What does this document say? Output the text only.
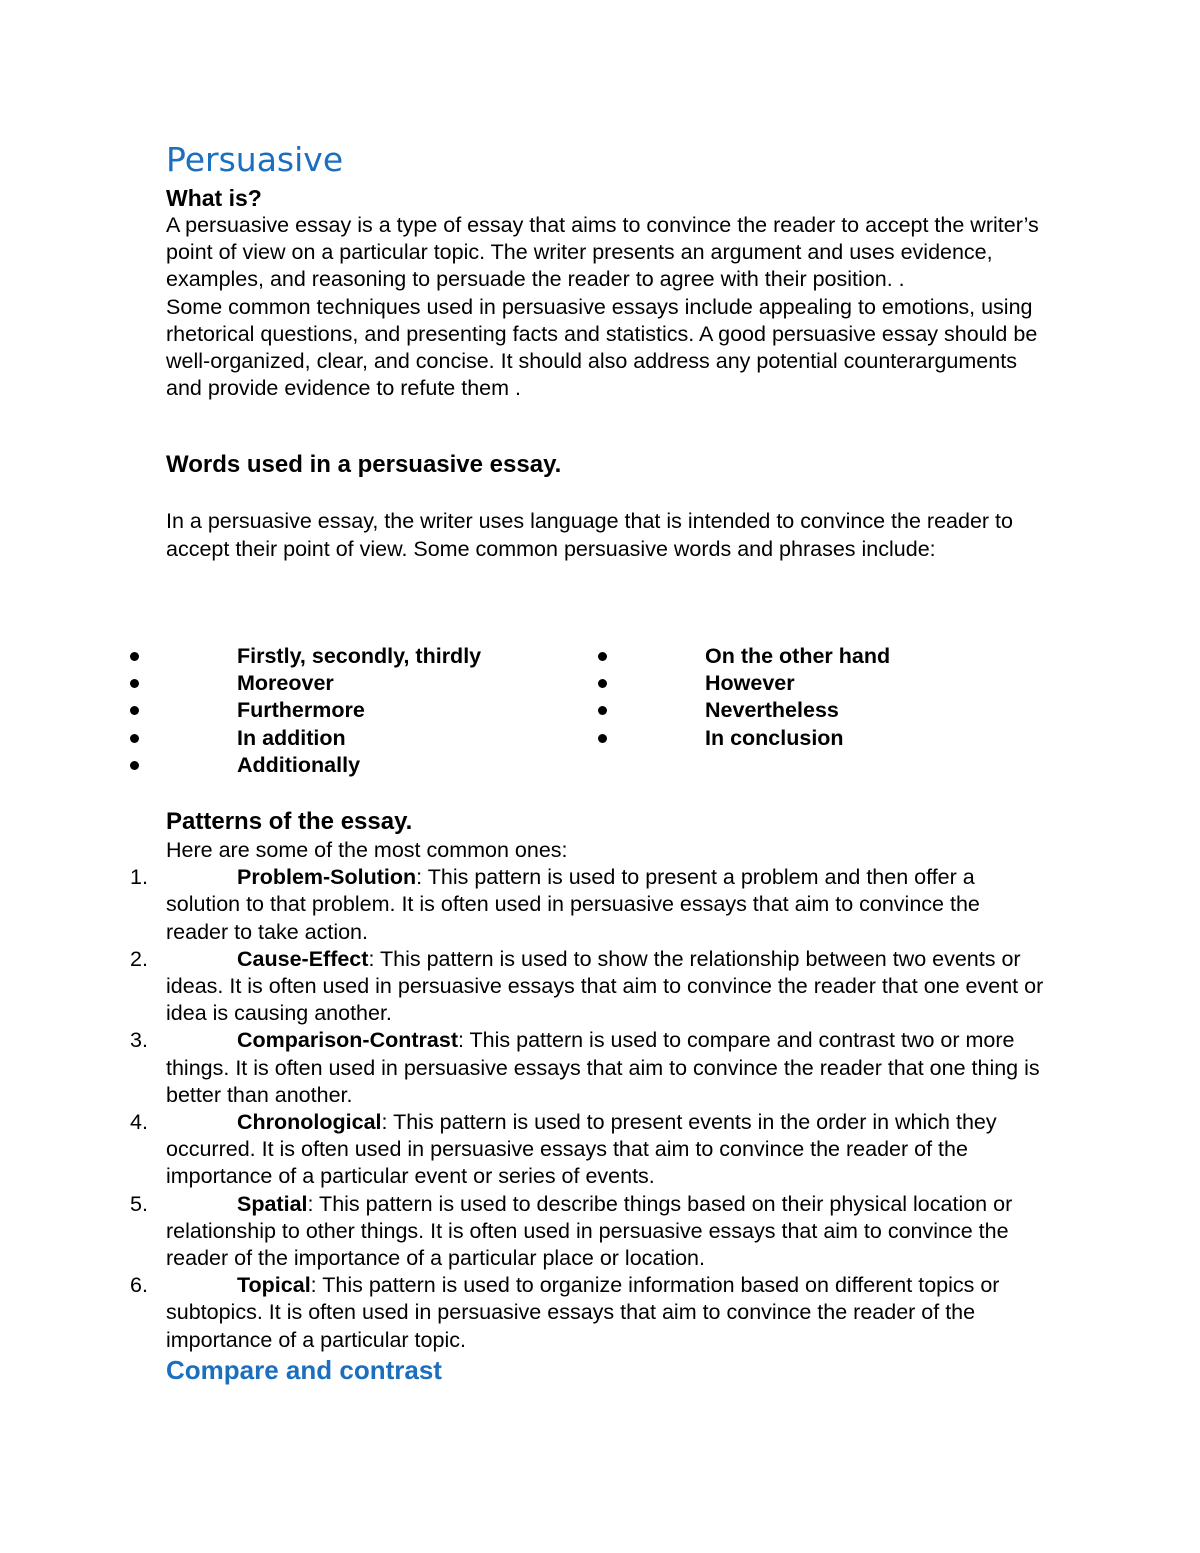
Persuasive
What is?

A persuasive essay is a type of essay that aims to convince the reader to accept the writer’s point of view on a particular topic. The writer presents an argument and uses evidence, examples, and reasoning to persuade the reader to agree with their position. .

Some common techniques used in persuasive essays include appealing to emotions, using rhetorical questions, and presenting facts and statistics. A good persuasive essay should be well-organized, clear, and concise. It should also address any potential counterarguments and provide evidence to refute them .

Words used in a persuasive essay.

In a persuasive essay, the writer uses language that is intended to convince the reader to accept their point of view. Some common persuasive words and phrases include:

Firstly, secondly, thirdly
Moreover
Furthermore
In addition
Additionally
On the other hand
However
Nevertheless
In conclusion
Patterns of the essay.

Here are some of the most common ones:

1.	Problem-Solution: This pattern is used to present a problem and then offer a solution to that problem. It is often used in persuasive essays that aim to convince the reader to take action.
2.	Cause-Effect: This pattern is used to show the relationship between two events or ideas. It is often used in persuasive essays that aim to convince the reader that one event or idea is causing another.
3.	Comparison-Contrast: This pattern is used to compare and contrast two or more things. It is often used in persuasive essays that aim to convince the reader that one thing is better than another.
4.	Chronological: This pattern is used to present events in the order in which they occurred. It is often used in persuasive essays that aim to convince the reader of the importance of a particular event or series of events.
5.	Spatial: This pattern is used to describe things based on their physical location or relationship to other things. It is often used in persuasive essays that aim to convince the reader of the importance of a particular place or location.
6.	Topical: This pattern is used to organize information based on different topics or subtopics. It is often used in persuasive essays that aim to convince the reader of the importance of a particular topic.
Compare and contrast
